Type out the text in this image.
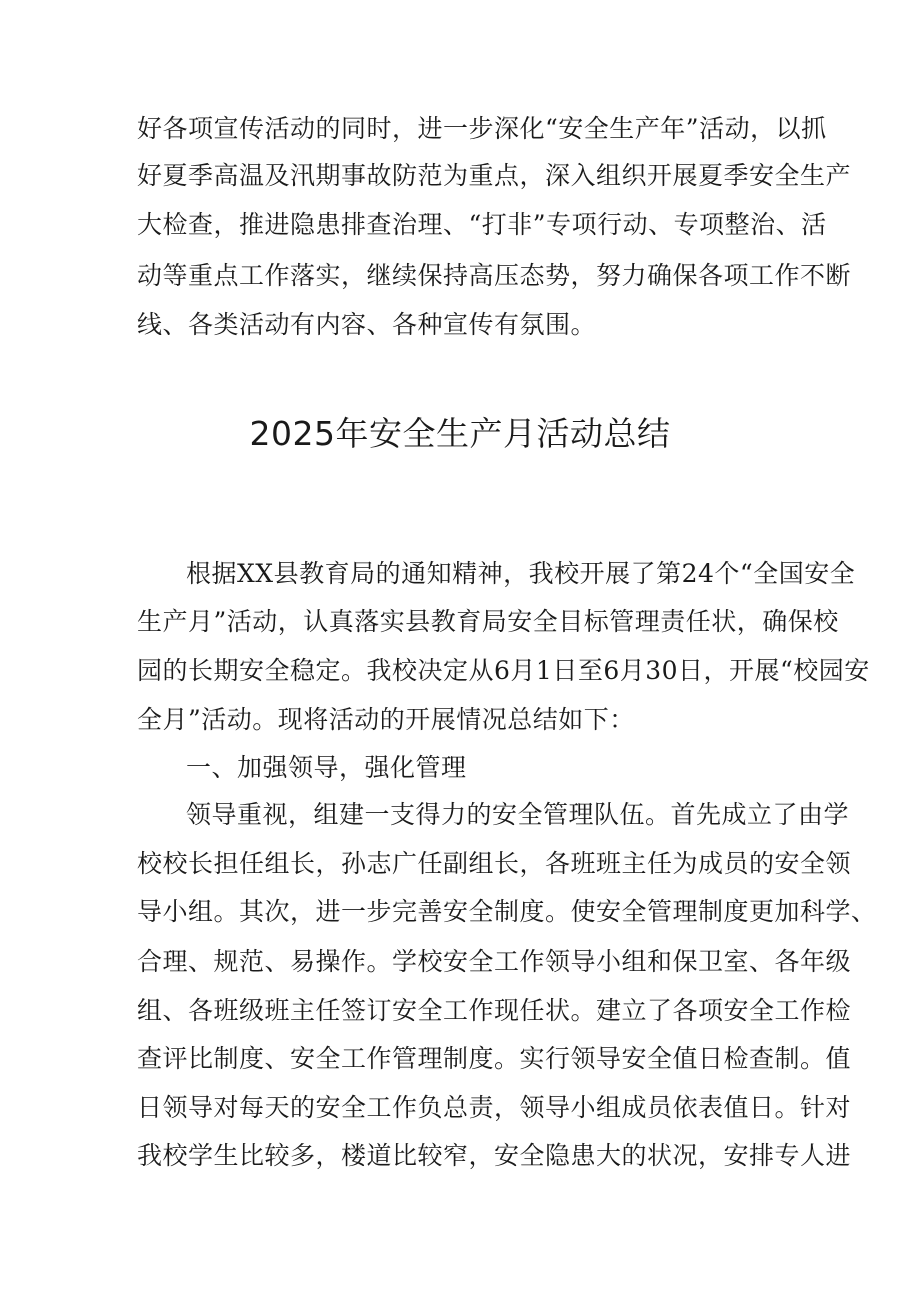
好各项宣传活动的同时，进一步深化“安全生产年”活动，以抓
好夏季高温及汛期事故防范为重点，深入组织开展夏季安全生产
大检查，推进隐患排查治理、“打非”专项行动、专项整治、活
动等重点工作落实，继续保持高压态势，努力确保各项工作不断
线、各类活动有内容、各种宣传有氛围。
2025年安全生产月活动总结
根据XX县教育局的通知精神，我校开展了第24个“全国安全
生产月”活动，认真落实县教育局安全目标管理责任状，确保校
园的长期安全稳定。我校决定从6月1日至6月30日，开展“校园安
全月”活动。现将活动的开展情况总结如下：
一、加强领导，强化管理
领导重视，组建一支得力的安全管理队伍。首先成立了由学
校校长担任组长，孙志广任副组长，各班班主任为成员的安全领
导小组。其次，进一步完善安全制度。使安全管理制度更加科学、
合理、规范、易操作。学校安全工作领导小组和保卫室、各年级
组、各班级班主任签订安全工作现任状。建立了各项安全工作检
查评比制度、安全工作管理制度。实行领导安全值日检查制。值
日领导对每天的安全工作负总责，领导小组成员依表值日。针对
我校学生比较多，楼道比较窄，安全隐患大的状况，安排专人进
